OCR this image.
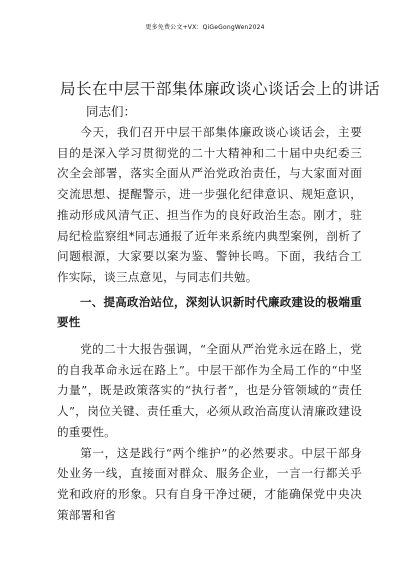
更多免费公文+VX：QiGeGongWen2024
局长在中层干部集体廉政谈心谈话会上的讲话
同志们：

今天，我们召开中层干部集体廉政谈心谈话会，主要目的是深入学习贯彻党的二十大精神和二十届中央纪委三次全会部署，落实全面从严治党政治责任，与大家面对面交流思想、提醒警示，进一步强化纪律意识、规矩意识，推动形成风清气正、担当作为的良好政治生态。刚才，驻局纪检监察组*同志通报了近年来系统内典型案例，剖析了问题根源，大家要以案为鉴、警钟长鸣。下面，我结合工作实际，谈三点意见，与同志们共勉。

一、提高政治站位，深刻认识新时代廉政建设的极端重要性

党的二十大报告强调，“全面从严治党永远在路上，党的自我革命永远在路上”。中层干部作为全局工作的“中坚力量”，既是政策落实的“执行者”，也是分管领域的“责任人”，岗位关键、责任重大，必须从政治高度认清廉政建设的重要性。

第一，这是践行“两个维护”的必然要求。中层干部身处业务一线，直接面对群众、服务企业，一言一行都关乎党和政府的形象。只有自身干净过硬，才能确保党中央决策部署和省
